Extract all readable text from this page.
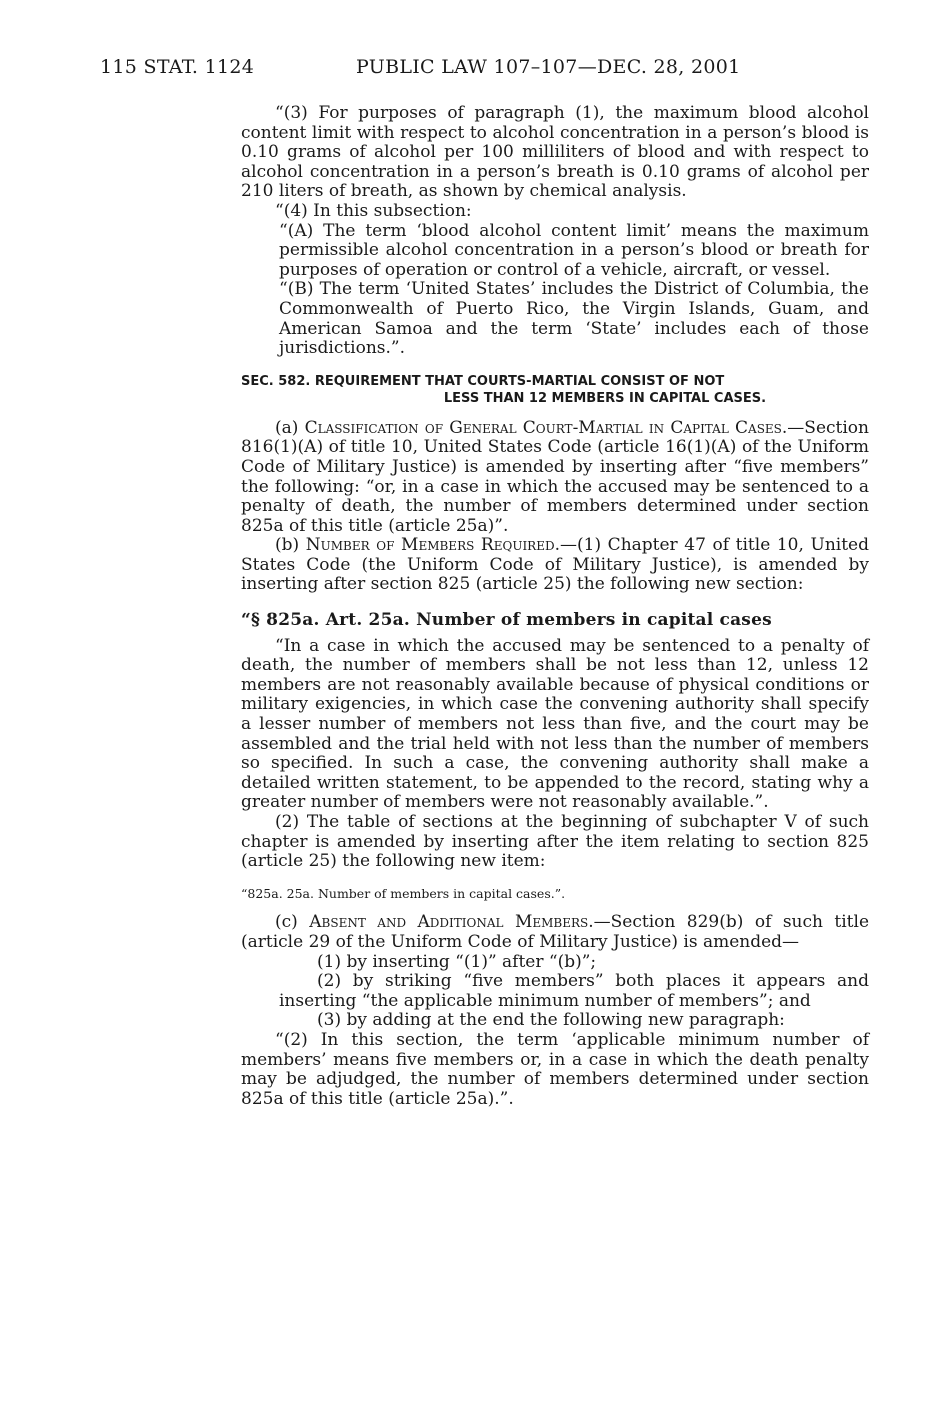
115 STAT. 1124	PUBLIC LAW 107–107—DEC. 28, 2001

“(3) For purposes of paragraph (1), the maximum blood alcohol content limit with respect to alcohol concentration in a person’s blood is 0.10 grams of alcohol per 100 milliliters of blood and with respect to alcohol concentration in a person’s breath is 0.10 grams of alcohol per 210 liters of breath, as shown by chemical analysis.

“(4) In this subsection:

“(A) The term ‘blood alcohol content limit’ means the maximum permissible alcohol concentration in a person’s blood or breath for purposes of operation or control of a vehicle, aircraft, or vessel.

“(B) The term ‘United States’ includes the District of Columbia, the Commonwealth of Puerto Rico, the Virgin Islands, Guam, and American Samoa and the term ‘State’ includes each of those jurisdictions.”.

SEC. 582. REQUIREMENT THAT COURTS-MARTIAL CONSIST OF NOT
LESS THAN 12 MEMBERS IN CAPITAL CASES.

(a) Classification of General Court-Martial in Capital Cases.—Section 816(1)(A) of title 10, United States Code (article 16(1)(A) of the Uniform Code of Military Justice) is amended by inserting after “five members” the following: “or, in a case in which the accused may be sentenced to a penalty of death, the number of members determined under section 825a of this title (article 25a)”.

(b) Number of Members Required.—(1) Chapter 47 of title 10, United States Code (the Uniform Code of Military Justice), is amended by inserting after section 825 (article 25) the following new section:

“§ 825a. Art. 25a. Number of members in capital cases

“In a case in which the accused may be sentenced to a penalty of death, the number of members shall be not less than 12, unless 12 members are not reasonably available because of physical conditions or military exigencies, in which case the convening authority shall specify a lesser number of members not less than five, and the court may be assembled and the trial held with not less than the number of members so specified. In such a case, the convening authority shall make a detailed written statement, to be appended to the record, stating why a greater number of members were not reasonably available.”.

(2) The table of sections at the beginning of subchapter V of such chapter is amended by inserting after the item relating to section 825 (article 25) the following new item:

“825a. 25a. Number of members in capital cases.”.

(c) Absent and Additional Members.—Section 829(b) of such title (article 29 of the Uniform Code of Military Justice) is amended—

(1) by inserting “(1)” after “(b)”;

(2) by striking “five members” both places it appears and inserting “the applicable minimum number of members”; and

(3) by adding at the end the following new paragraph:

“(2) In this section, the term ‘applicable minimum number of members’ means five members or, in a case in which the death penalty may be adjudged, the number of members determined under section 825a of this title (article 25a).”.
